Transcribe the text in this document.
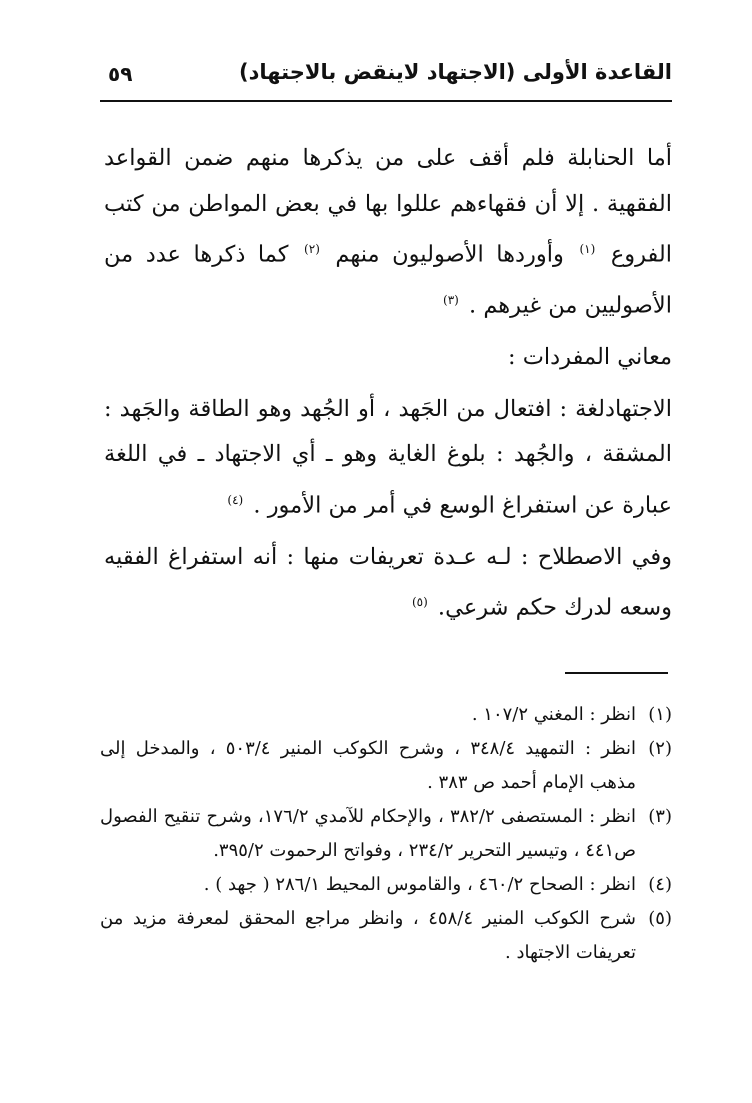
القاعدة الأولى (الاجتهاد لاينقض بالاجتهاد)
٥٩

أما الحنابلة فلم أقف على من يذكرها منهم ضمن القواعد الفقهية . إلا أن فقهاءهم عللوا بها في بعض المواطن من كتب الفروع $^{(١)}$ وأوردها الأصوليون منهم $^{(٢)}$ كما ذكرها عدد من الأصوليين من غيرهم . $^{(٣)}$

معاني المفردات :

الاجتهادلغة : افتعال من الجَهد ، أو الجُهد وهو الطاقة والجَهد : المشقة ، والجُهد : بلوغ الغاية وهو ـ أي الاجتهاد ـ في اللغة عبارة عن استفراغ الوسع في أمر من الأمور . $^{(٤)}$

وفي الاصطلاح : لـه عـدة تعريفات منها : أنه استفراغ الفقيه وسعه لدرك حكم شرعي. $^{(٥)}$

(١)
انظر : المغني ١٠٧/٢ .
(٢)
انظر : التمهيد ٣٤٨/٤ ، وشرح الكوكب المنير ٥٠٣/٤ ، والمدخل إلى مذهب الإمام أحمد ص ٣٨٣ .
(٣)
انظر : المستصفى ٣٨٢/٢ ، والإحكام للآمدي ١٧٦/٢، وشرح تنقيح الفصول ص٤٤١ ، وتيسير التحرير ٢٣٤/٢ ، وفواتح الرحموت ٣٩٥/٢.
(٤)
انظر : الصحاح ٤٦٠/٢ ، والقاموس المحيط ٢٨٦/١ ( جهد ) .
(٥)
شرح الكوكب المنير ٤٥٨/٤ ، وانظر مراجع المحقق لمعرفة مزيد من تعريفات الاجتهاد .
